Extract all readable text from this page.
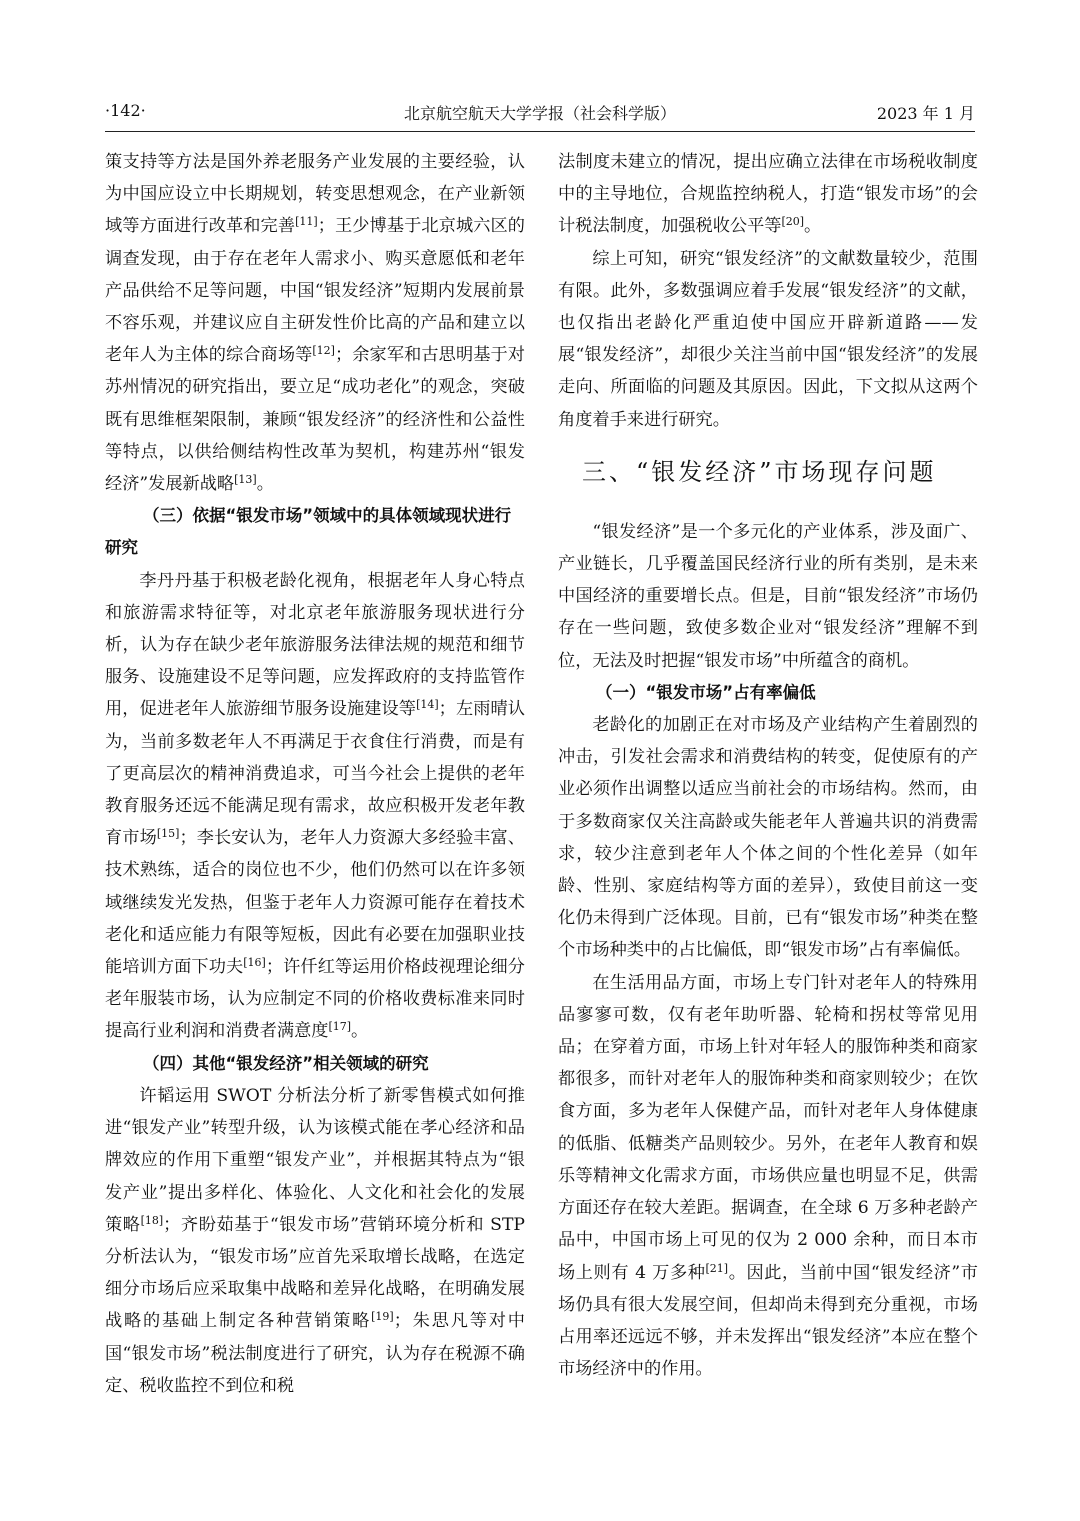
·142·	北京航空航天大学学报（社会科学版）	2023 年 1 月

策支持等方法是国外养老服务产业发展的主要经验，认为中国应设立中长期规划，转变思想观念，在产业新领域等方面进行改革和完善[11]；王少博基于北京城六区的调查发现，由于存在老年人需求小、购买意愿低和老年产品供给不足等问题，中国“银发经济”短期内发展前景不容乐观，并建议应自主研发性价比高的产品和建立以老年人为主体的综合商场等[12]；余家军和古思明基于对苏州情况的研究指出，要立足“成功老化”的观念，突破既有思维框架限制，兼顾“银发经济”的经济性和公益性等特点，以供给侧结构性改革为契机，构建苏州“银发经济”发展新战略[13]。

（三）依据“银发市场”领域中的具体领域现状进行研究

李丹丹基于积极老龄化视角，根据老年人身心特点和旅游需求特征等，对北京老年旅游服务现状进行分析，认为存在缺少老年旅游服务法律法规的规范和细节服务、设施建设不足等问题，应发挥政府的支持监管作用，促进老年人旅游细节服务设施建设等[14]；左雨晴认为，当前多数老年人不再满足于衣食住行消费，而是有了更高层次的精神消费追求，可当今社会上提供的老年教育服务还远不能满足现有需求，故应积极开发老年教育市场[15]；李长安认为，老年人力资源大多经验丰富、技术熟练，适合的岗位也不少，他们仍然可以在许多领域继续发光发热，但鉴于老年人力资源可能存在着技术老化和适应能力有限等短板，因此有必要在加强职业技能培训方面下功夫[16]；许仟红等运用价格歧视理论细分老年服装市场，认为应制定不同的价格收费标准来同时提高行业利润和消费者满意度[17]。

（四）其他“银发经济”相关领域的研究

许韬运用 SWOT 分析法分析了新零售模式如何推进“银发产业”转型升级，认为该模式能在孝心经济和品牌效应的作用下重塑“银发产业”，并根据其特点为“银发产业”提出多样化、体验化、人文化和社会化的发展策略[18]；齐盼茹基于“银发市场”营销环境分析和 STP 分析法认为，“银发市场”应首先采取增长战略，在选定细分市场后应采取集中战略和差异化战略，在明确发展战略的基础上制定各种营销策略[19]；朱思凡等对中国“银发市场”税法制度进行了研究，认为存在税源不确定、税收监控不到位和税

法制度未建立的情况，提出应确立法律在市场税收制度中的主导地位，合规监控纳税人，打造“银发市场”的会计税法制度，加强税收公平等[20]。

综上可知，研究“银发经济”的文献数量较少，范围有限。此外，多数强调应着手发展“银发经济”的文献，也仅指出老龄化严重迫使中国应开辟新道路——发展“银发经济”，却很少关注当前中国“银发经济”的发展走向、所面临的问题及其原因。因此，下文拟从这两个角度着手来进行研究。

三、“银发经济”市场现存问题

“银发经济”是一个多元化的产业体系，涉及面广、产业链长，几乎覆盖国民经济行业的所有类别，是未来中国经济的重要增长点。但是，目前“银发经济”市场仍存在一些问题，致使多数企业对“银发经济”理解不到位，无法及时把握“银发市场”中所蕴含的商机。

（一）“银发市场”占有率偏低

老龄化的加剧正在对市场及产业结构产生着剧烈的冲击，引发社会需求和消费结构的转变，促使原有的产业必须作出调整以适应当前社会的市场结构。然而，由于多数商家仅关注高龄或失能老年人普遍共识的消费需求，较少注意到老年人个体之间的个性化差异（如年龄、性别、家庭结构等方面的差异），致使目前这一变化仍未得到广泛体现。目前，已有“银发市场”种类在整个市场种类中的占比偏低，即“银发市场”占有率偏低。

在生活用品方面，市场上专门针对老年人的特殊用品寥寥可数，仅有老年助听器、轮椅和拐杖等常见用品；在穿着方面，市场上针对年轻人的服饰种类和商家都很多，而针对老年人的服饰种类和商家则较少；在饮食方面，多为老年人保健产品，而针对老年人身体健康的低脂、低糖类产品则较少。另外，在老年人教育和娱乐等精神文化需求方面，市场供应量也明显不足，供需方面还存在较大差距。据调查，在全球 6 万多种老龄产品中，中国市场上可见的仅为 2 000 余种，而日本市场上则有 4 万多种[21]。因此，当前中国“银发经济”市场仍具有很大发展空间，但却尚未得到充分重视，市场占用率还远远不够，并未发挥出“银发经济”本应在整个市场经济中的作用。
